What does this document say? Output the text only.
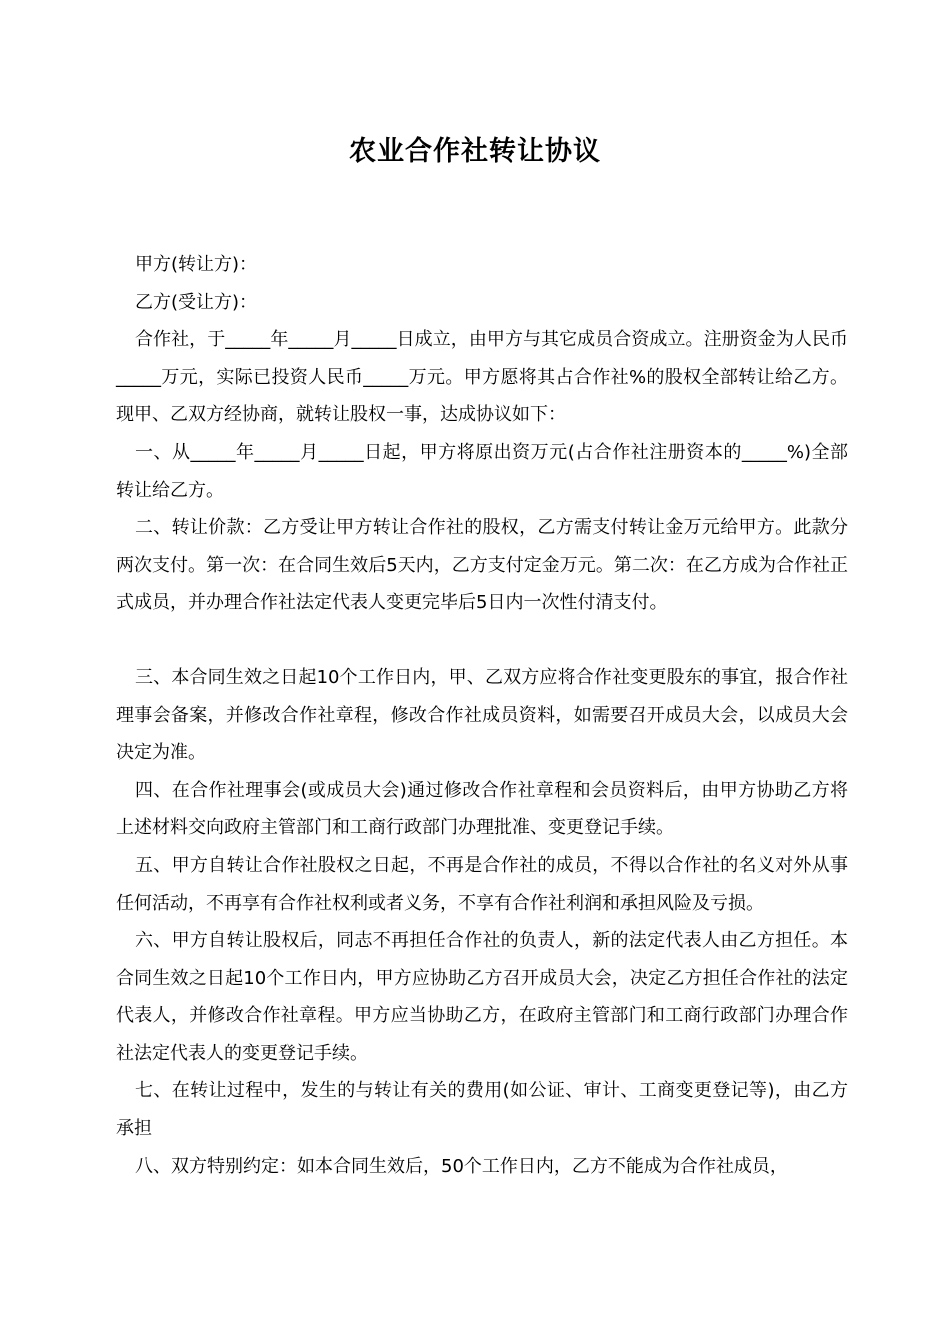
农业合作社转让协议

甲方(转让方)：

乙方(受让方)：

合作社，于_____年_____月_____日成立，由甲方与其它成员合资成立。注册资金为人民币_____万元，实际已投资人民币_____万元。甲方愿将其占合作社%的股权全部转让给乙方。现甲、乙双方经协商，就转让股权一事，达成协议如下：

一、从_____年_____月_____日起，甲方将原出资万元(占合作社注册资本的_____%)全部转让给乙方。

二、转让价款：乙方受让甲方转让合作社的股权，乙方需支付转让金万元给甲方。此款分两次支付。第一次：在合同生效后5天内，乙方支付定金万元。第二次：在乙方成为合作社正式成员，并办理合作社法定代表人变更完毕后5日内一次性付清支付。

三、本合同生效之日起10个工作日内，甲、乙双方应将合作社变更股东的事宜，报合作社理事会备案，并修改合作社章程，修改合作社成员资料，如需要召开成员大会，以成员大会决定为准。

四、在合作社理事会(或成员大会)通过修改合作社章程和会员资料后，由甲方协助乙方将上述材料交向政府主管部门和工商行政部门办理批准、变更登记手续。

五、甲方自转让合作社股权之日起，不再是合作社的成员，不得以合作社的名义对外从事任何活动，不再享有合作社权利或者义务，不享有合作社利润和承担风险及亏损。

六、甲方自转让股权后，同志不再担任合作社的负责人，新的法定代表人由乙方担任。本合同生效之日起10个工作日内，甲方应协助乙方召开成员大会，决定乙方担任合作社的法定代表人，并修改合作社章程。甲方应当协助乙方，在政府主管部门和工商行政部门办理合作社法定代表人的变更登记手续。

七、在转让过程中，发生的与转让有关的费用(如公证、审计、工商变更登记等)，由乙方承担

八、双方特别约定：如本合同生效后，50个工作日内，乙方不能成为合作社成员，
